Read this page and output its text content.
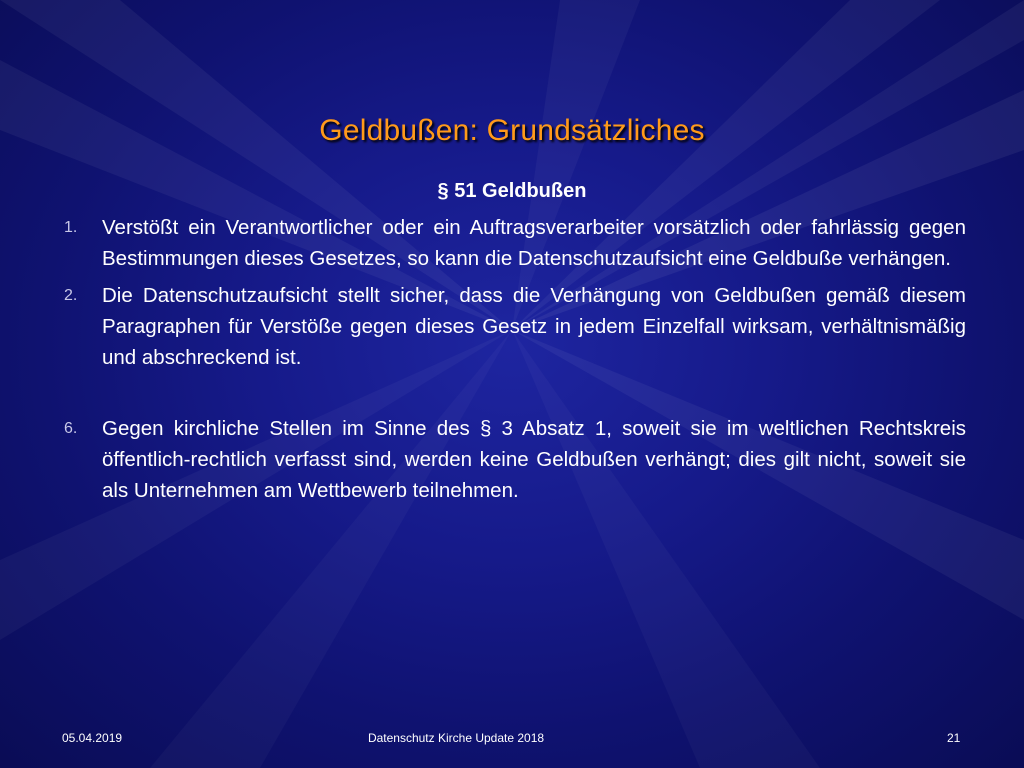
Geldbußen: Grundsätzliches
§ 51 Geldbußen
1. Verstößt ein Verantwortlicher oder ein Auftragsverarbeiter vorsätzlich oder fahrlässig gegen Bestimmungen dieses Gesetzes, so kann die Datenschutzaufsicht eine Geldbuße verhängen.
2. Die Datenschutzaufsicht stellt sicher, dass die Verhängung von Geldbußen gemäß diesem Paragraphen für Verstöße gegen dieses Gesetz in jedem Einzelfall wirksam, verhältnismäßig und abschreckend ist.
6. Gegen kirchliche Stellen im Sinne des § 3 Absatz 1, soweit sie im weltlichen Rechtskreis öffentlich-rechtlich verfasst sind, werden keine Geldbußen verhängt; dies gilt nicht, soweit sie als Unternehmen am Wettbewerb teilnehmen.
05.04.2019	Datenschutz Kirche Update 2018	21
